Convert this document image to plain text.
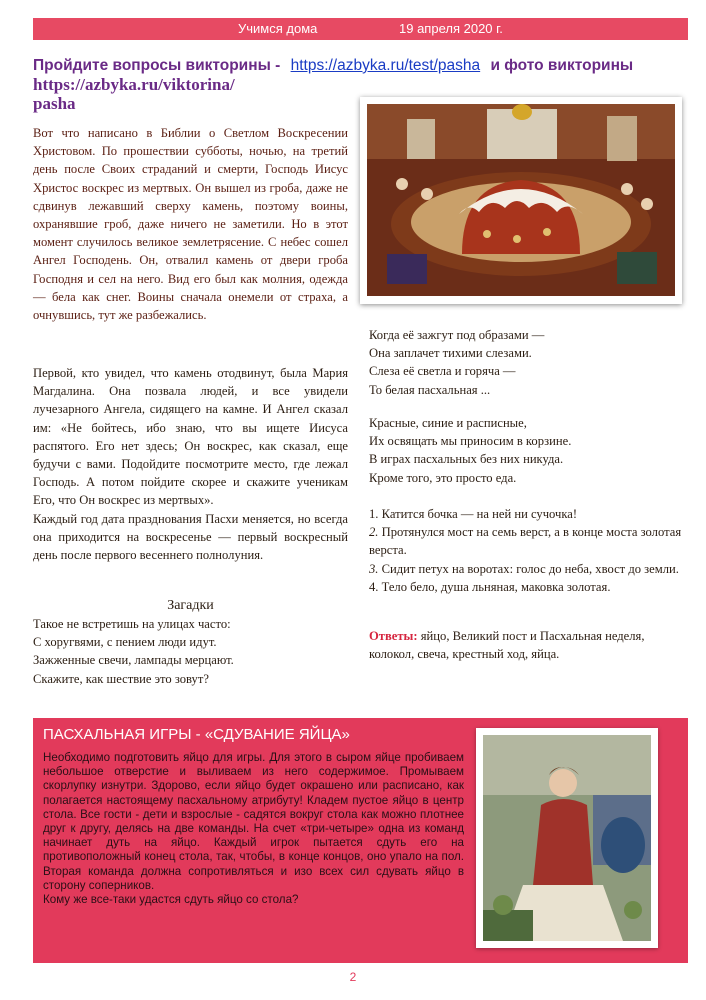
Учимся дома	19 апреля 2020 г.
Пройдите вопросы викторины - https://azbyka.ru/test/pasha и фото викторины
https://azbyka.ru/viktorina/
pasha

Вот что написано в Библии о Светлом Воскресении Христовом. По прошествии субботы, ночью, на третий день после Своих страданий и смерти, Господь Иисус Христос воскрес из мертвых. Он вышел из гроба, даже не сдвинув лежавший сверху камень, поэтому воины, охранявшие гроб, даже ничего не заметили. Но в этот момент случилось великое землетрясение. С небес сошел Ангел Господень. Он, отвалил камень от двери гроба Господня и сел на него. Вид его был как молния, одежда — бела как снег. Воины сначала онемели от страха, а очнувшись, тут же разбежались.

Первой, кто увидел, что камень отодвинут, была Мария Магдалина. Она позвала людей, и все увидели лучезарного Ангела, сидящего на камне. И Ангел сказал им: «Не бойтесь, ибо знаю, что вы ищете Иисуса распятого. Его нет здесь; Он воскрес, как сказал, еще будучи с вами. Подойдите посмотрите место, где лежал Господь. А потом пойдите скорее и скажите ученикам Его, что Он воскрес из мертвых».

Каждый год дата празднования Пасхи меняется, но всегда она приходится на воскресенье — первый воскресный день после первого весеннего полнолуния.

Загадки

Такое не встретишь на улицах часто:

С хоругвями, с пением люди идут.

Зажженные свечи, лампады мерцают.

Скажите, как шествие это зовут?

Когда её зажгут под образами —

Она заплачет тихими слезами.

Слеза её светла и горяча —

То белая пасхальная ...

Красные, синие и расписные,

Их освящать мы приносим в корзине.

В играх пасхальных без них никуда.

Кроме того, это просто еда.

1. Катится бочка — на ней ни сучочка!

2. Протянулся мост на семь верст, а в конце моста золотая верста.

3. Сидит петух на воротах: голос до неба, хвост до земли.

4. Тело бело, душа льняная, маковка золотая.

Ответы: яйцо, Великий пост и Пасхальная неделя, колокол, свеча, крестный ход, яйца.

ПАСХАЛЬНАЯ ИГРЫ - «СДУВАНИЕ ЯЙЦА»
Необходимо подготовить яйцо для игры. Для этого в сыром яйце пробиваем небольшое отверстие и выливаем из него содержимое. Промываем скорлупку изнутри. Здорово, если яйцо будет окрашено или расписано, как полагается настоящему пасхальному атрибуту! Кладем пустое яйцо в центр стола. Все гости - дети и взрослые - садятся вокруг стола как можно плотнее друг к другу, делясь на две команды. На счет «три-четыре» одна из команд начинает дуть на яйцо. Каждый игрок пытается сдуть его на противоположный конец стола, так, чтобы, в конце концов, оно упало на пол. Вторая команда должна сопротивляться и изо всех сил сдувать яйцо в сторону соперников.
Кому же все-таки удастся сдуть яйцо со стола?
2
